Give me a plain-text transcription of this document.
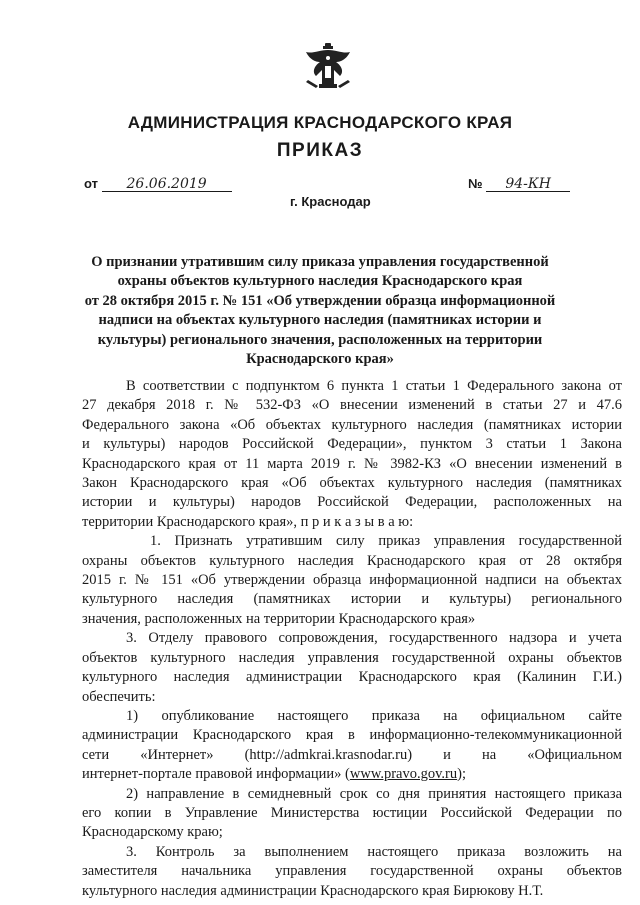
АДМИНИСТРАЦИЯ КРАСНОДАРСКОГО КРАЯ
ПРИКАЗ
от 26.06.2019	№ 94-КН
г. Краснодар
О признании утратившим силу приказа управления государственной
охраны объектов культурного наследия Краснодарского края
от 28 октября 2015 г. № 151 «Об утверждении образца информационной
надписи на объектах культурного наследия (памятниках истории и
культуры) регионального значения, расположенных на территории
Краснодарского края»
В соответствии с подпунктом 6 пункта 1 статьи 1 Федерального закона от
27 декабря 2018 г. № 532-ФЗ «О внесении изменений в статьи 27 и 47.6
Федерального закона «Об объектах культурного наследия (памятниках истории
и культуры) народов Российской Федерации», пунктом 3 статьи 1 Закона
Краснодарского края от 11 марта 2019 г. № 3982-КЗ «О внесении изменений в
Закон Краснодарского края «Об объектах культурного наследия (памятниках
истории и культуры) народов Российской Федерации, расположенных на
территории Краснодарского края», п р и к а з ы в а ю:
1. Признать утратившим силу приказ управления государственной
охраны объектов культурного наследия Краснодарского края от 28 октября
2015 г. № 151 «Об утверждении образца информационной надписи на объектах
культурного наследия (памятниках истории и культуры) регионального
значения, расположенных на территории Краснодарского края»
3. Отделу правового сопровождения, государственного надзора и учета
объектов культурного наследия управления государственной охраны объектов
культурного наследия администрации Краснодарского края (Калинин Г.И.)
обеспечить:
1) опубликование настоящего приказа на официальном сайте
администрации Краснодарского края в информационно-телекоммуникационной
сети «Интернет» (http://admkrai.krasnodar.ru) и на «Официальном
интернет-портале правовой информации» (www.pravo.gov.ru);
2) направление в семидневный срок со дня принятия настоящего приказа
его копии в Управление Министерства юстиции Российской Федерации по
Краснодарскому краю;
3. Контроль за выполнением настоящего приказа возложить на
заместителя начальника управления государственной охраны объектов
культурного наследия администрации Краснодарского края Бирюкову Н.Т.
